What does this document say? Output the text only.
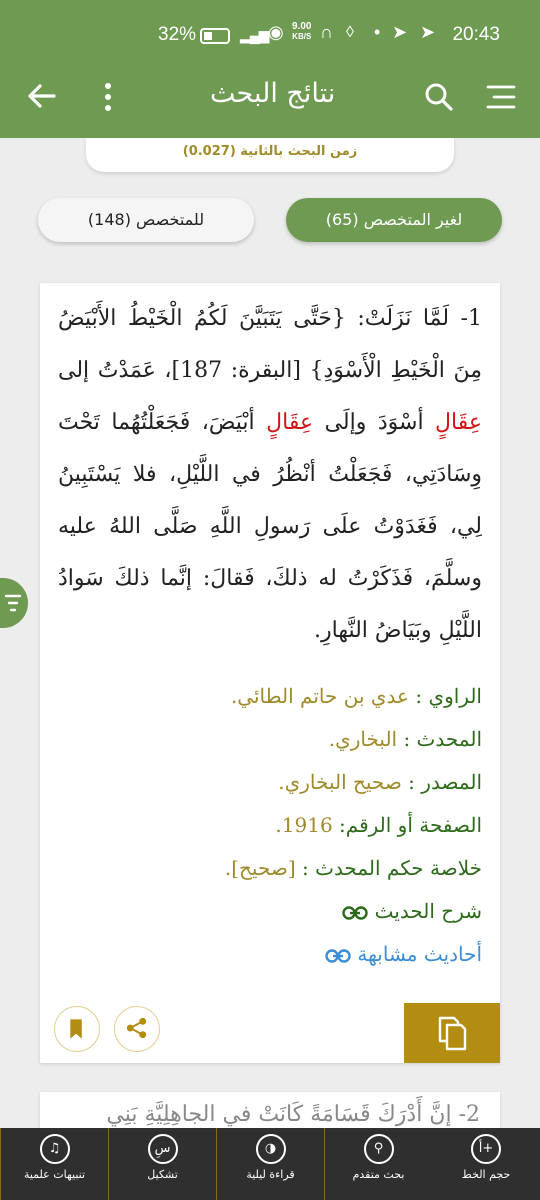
32%	▂▄▆ ◉ 9.00
KB/S ∩ ◊ • ➤ ➤ 20:43
نتائج البحث
زمن البحث بالثانية (0.027)
للمتخصص (148)	لغير المتخصص (65)
1- لَمَّا نَزَلَتْ: {حَتَّى يَتَبَيَّنَ لَكُمُ الْخَيْطُ الأَبْيَضُ مِنَ الْخَيْطِ الْأَسْوَدِ} [البقرة: 187]، عَمَدْتُ إلى عِقَالٍ أسْوَدَ وإلَى عِقَالٍ أبْيَضَ، فَجَعَلْتُهُما تَحْتَ وِسَادَتِي، فَجَعَلْتُ أنْظُرُ في اللَّيْلِ، فلا يَسْتَبِينُ لِي، فَغَدَوْتُ علَى رَسولِ اللَّهِ صَلَّى اللهُ عليه وسلَّمَ، فَذَكَرْتُ له ذلكَ، فَقالَ: إنَّما ذلكَ سَوادُ اللَّيْلِ وبَيَاضُ النَّهارِ.
الراوي : عدي بن حاتم الطائي.
المحدث : البخاري.
المصدر : صحيح البخاري.
الصفحة أو الرقم: 1916.
خلاصة حكم المحدث : [صحيح].
شرح الحديث
أحاديث مشابهة
2- إنَّ أَدْرَكَ قَسَامَةً كَانَتْ في الجاهِلِيَّةِ بَنِي
أ+
حجم الخط
⚲
بحث متقدم
◑
قراءة ليلية
سِ
تشكيل
♫
تنبيهات علمية
